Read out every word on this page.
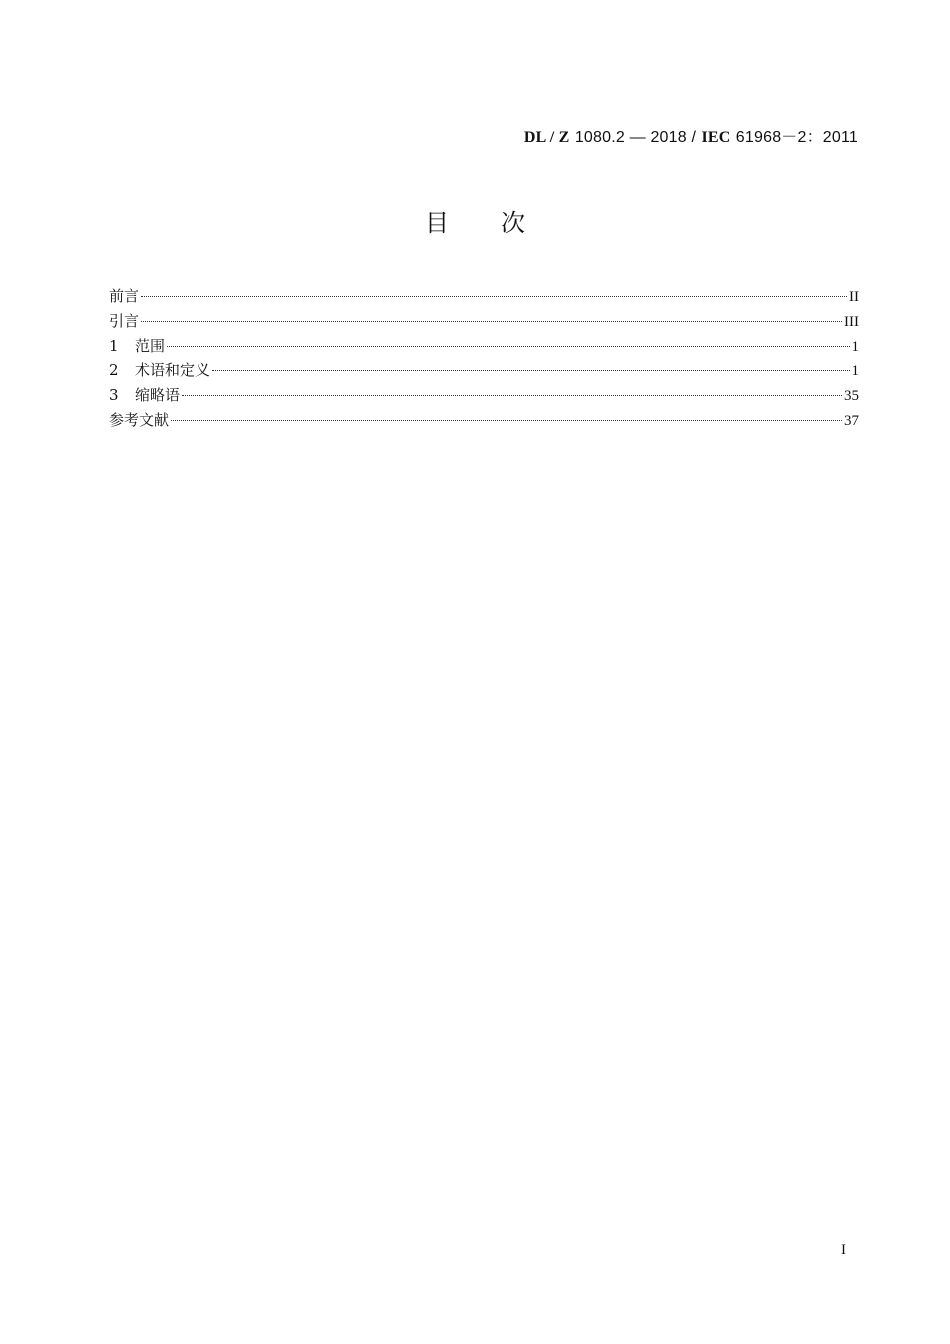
DL / Z 1080.2 — 2018 / IEC 61968－2：2011
目次
前言	II
引言	III
1	范围	1
2	术语和定义	1
3	缩略语	35
参考文献	37
I
